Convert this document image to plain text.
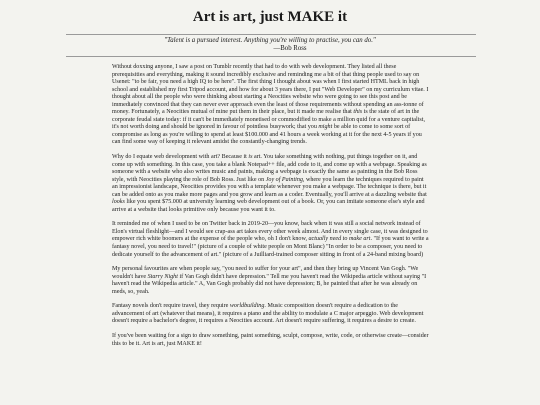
Art is art, just MAKE it
"Talent is a pursued interest. Anything you're willing to practise, you can do."
—Bob Ross

Without doxxing anyone, I saw a post on Tumblr recently that had to do with web development. They listed all these prerequisities and everything, making it sound incredibly exclusive and reminding me a bit of that thing people used to say on Usenet: "to be fair, you need a high IQ to be here". The first thing I thought about was when I first started HTML back in high school and established my first Tripod account, and how for about 3 years there, I put "Web Developer" on my curriculum vitae. I thought about all the people who were thinking about starting a Neocities website who were going to see this post and be immediately convinced that they can never ever approach even the least of those requirements without spending an ass-tonne of money. Fortunately, a Neocities mutual of mine put them in their place, but it made me realise that this is the state of art in the corporate feudal state today: if it can't be immediately monetised or commodified to make a million quid for a venture capitalist, it's not worth doing and should be ignored in favour of pointless busywork; that you might be able to come to some sort of compromise as long as you're willing to spend at least $100.000 and 41 hours a week working at it for the next 4-5 years if you can find some way of keeping it relevant amidst the constantly-changing trends.

Why do I equate web development with art? Because it is art. You take something with nothing, put things together on it, and come up with something. In this case, you take a blank Notepad++ file, add code to it, and come up with a webpage. Speaking as someone with a website who also writes music and paints, making a webpage is exactly the same as painting in the Bob Ross style, with Neocities playing the role of Bob Ross. Just like on Joy of Painting, where you learn the techniques required to paint an impressionist landscape, Neocities provides you with a template whenever you make a webpage. The technique is there, but it can be added onto as you make more pages and you grow and learn as a coder. Eventually, you'll arrive at a dazzling website that looks like you spent $75.000 at university learning web development out of a book. Or, you can imitate someone else's style and arrive at a website that looks primitive only because you want it to.

It reminded me of when I used to be on Twitter back in 2019-20—you know, back when it was still a social network instead of Elon's virtual fleshlight—and I would see crap-ass art takes every other week almost. And in every single case, it was designed to empower rich white boomers at the expense of the people who, oh I don't know, actually need to make art. "If you want to write a fantasy novel, you need to travel!" (picture of a couple of white people on Mont Blanc) "In order to be a composer, you need to dedicate yourself to the advancement of art." (picture of a Juilliard-trained composer sitting in front of a 24-band mixing board)

My personal favourites are when people say, "you need to suffer for your art", and then they bring up Vincent Van Gogh. "We wouldn't have Starry Night if Van Gogh didn't have depression." Tell me you haven't read the Wikipedia article without saying "I haven't read the Wikipedia article." A, Van Gogh probably did not have depression; B, he painted that after he was already on meds, so, yeah.

Fantasy novels don't require travel, they require worldbuilding. Music composition doesn't require a dedication to the advancement of art (whatever that means), it requires a piano and the ability to modulate a C major arpeggio. Web development doesn't require a bachelor's degree, it requires a Neocities account. Art doesn't require suffering, it requires a desire to create.

If you've been waiting for a sign to draw something, paint something, sculpt, compose, write, code, or otherwise create—consider this to be it. Art is art, just MAKE it!
